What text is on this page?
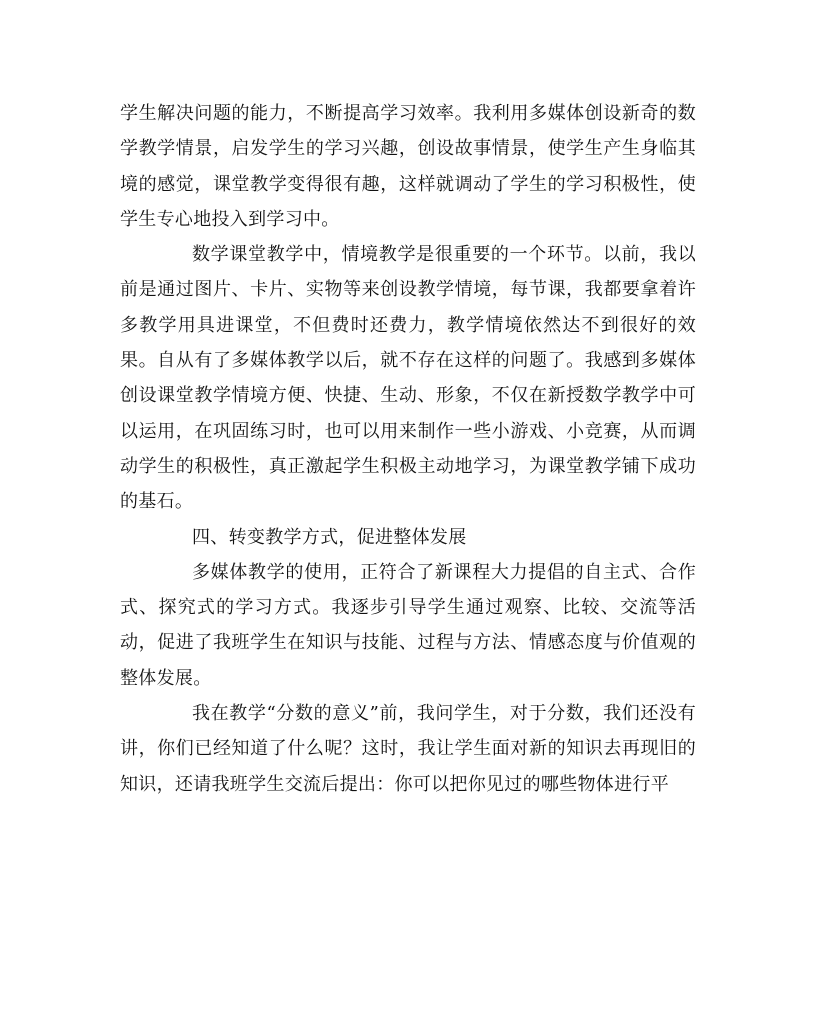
学生解决问题的能力，不断提高学习效率。我利用多媒体创设新奇的数学教学情景，启发学生的学习兴趣，创设故事情景，使学生产生身临其境的感觉，课堂教学变得很有趣，这样就调动了学生的学习积极性，使学生专心地投入到学习中。

数学课堂教学中，情境教学是很重要的一个环节。以前，我以前是通过图片、卡片、实物等来创设教学情境，每节课，我都要拿着许多教学用具进课堂，不但费时还费力，教学情境依然达不到很好的效果。自从有了多媒体教学以后，就不存在这样的问题了。我感到多媒体创设课堂教学情境方便、快捷、生动、形象，不仅在新授数学教学中可以运用，在巩固练习时，也可以用来制作一些小游戏、小竞赛，从而调动学生的积极性，真正激起学生积极主动地学习，为课堂教学铺下成功的基石。

四、转变教学方式，促进整体发展

多媒体教学的使用，正符合了新课程大力提倡的自主式、合作式、探究式的学习方式。我逐步引导学生通过观察、比较、交流等活动，促进了我班学生在知识与技能、过程与方法、情感态度与价值观的整体发展。

我在教学“分数的意义”前，我问学生，对于分数，我们还没有讲，你们已经知道了什么呢？这时，我让学生面对新的知识去再现旧的知识，还请我班学生交流后提出：你可以把你见过的哪些物体进行平
